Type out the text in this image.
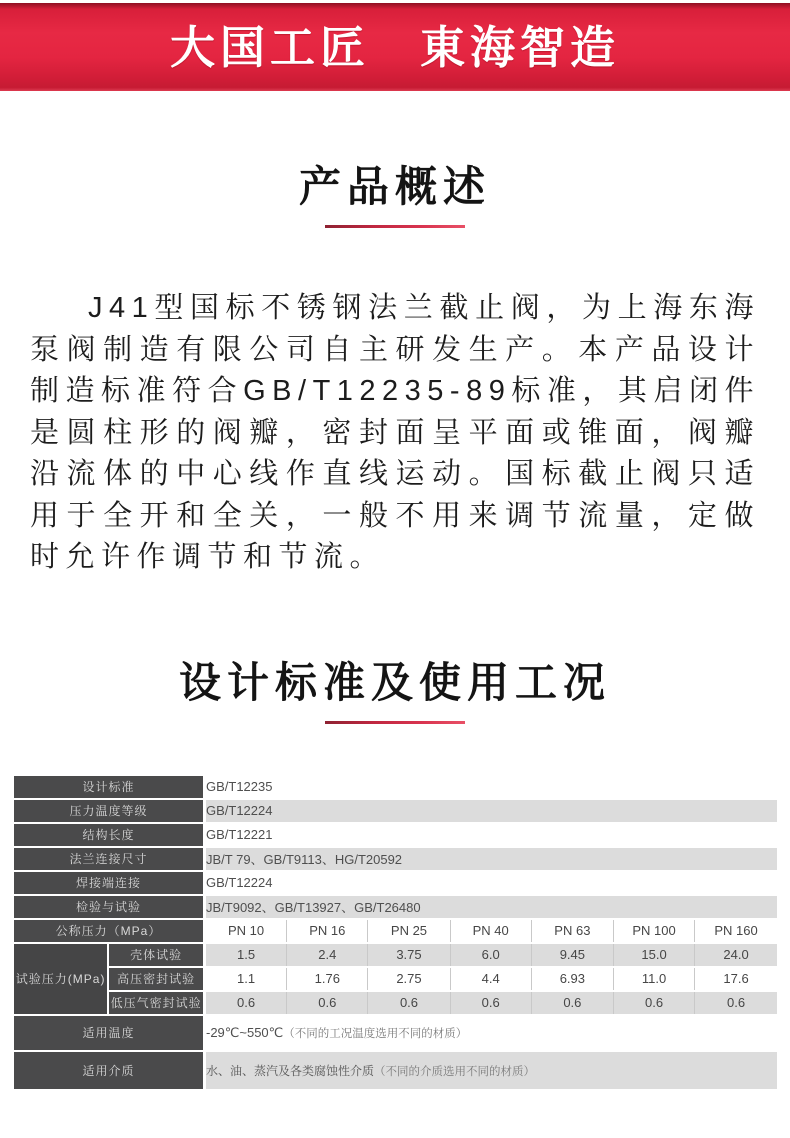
大国工匠　東海智造
产品概述

J41型国标不锈钢法兰截止阀，为上海东海泵阀制造有限公司自主研发生产。本产品设计制造标准符合GB/T12235-89标准，其启闭件是圆柱形的阀瓣，密封面呈平面或锥面，阀瓣沿流体的中心线作直线运动。国标截止阀只适用于全开和全关，一般不用来调节流量，定做时允许作调节和节流。

设计标准及使用工况
设计标准		GB/T12235						
压力温度等级		GB/T12224						
结构长度		GB/T12221						
法兰连接尺寸		JB/T 79、GB/T9113、HG/T20592						
焊接端连接		GB/T12224						
检验与试验		JB/T9092、GB/T13927、GB/T26480						
公称压力（MPa）		PN 10	PN 16	PN 25	PN 40	PN 63	PN 100	PN 160
试验压力(MPa)	壳体试验	1.5	2.4	3.75	6.0	9.45	15.0	24.0
	高压密封试验	1.1	1.76	2.75	4.4	6.93	11.0	17.6
	低压气密封试验	0.6	0.6	0.6	0.6	0.6	0.6	0.6
适用温度		-29℃~550℃（不同的工况温度选用不同的材质）						
适用介质		水、油、蒸汽及各类腐蚀性介质（不同的介质选用不同的材质）						
